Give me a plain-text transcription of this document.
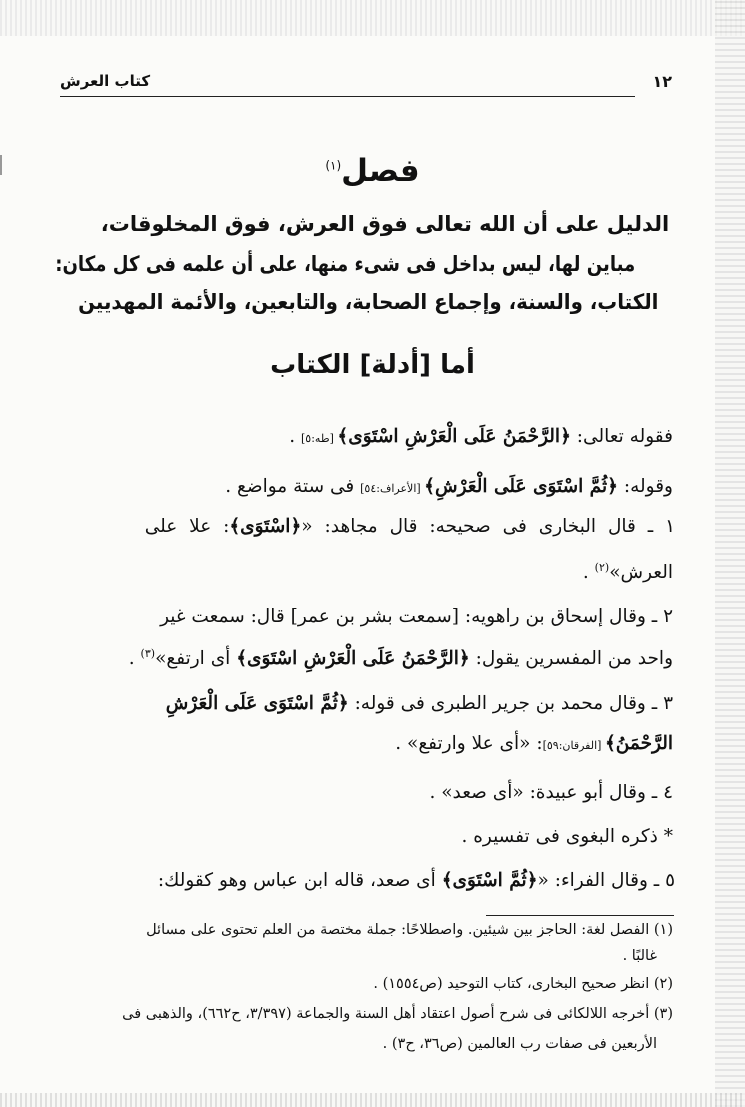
١٢
كتاب العرش
فصل$^{(١)}$
الدليل على أن الله تعالى فوق العرش، فوق المخلوقات،
مباين لها، ليس بداخل فى شىء منها، على أن علمه فى كل مكان:
الكتاب، والسنة، وإجماع الصحابة، والتابعين، والأئمة المهديين
أما [أدلة] الكتاب
فقوله تعالى: ﴿الرَّحْمَنُ عَلَى الْعَرْشِ اسْتَوَى﴾ [طه:٥] .
وقوله: ﴿ثُمَّ اسْتَوَى عَلَى الْعَرْشِ﴾ [الأعراف:٥٤] فى ستة مواضع .
١ ـ قال البخارى فى صحيحه: قال مجاهد: «﴿اسْتَوَى﴾: علا على
العرش»$^{(٢)}$ .
٢ ـ وقال إسحاق بن راهويه: [سمعت بشر بن عمر] قال: سمعت غير
واحد من المفسرين يقول: ﴿الرَّحْمَنُ عَلَى الْعَرْشِ اسْتَوَى﴾ أى ارتفع»$^{(٣)}$ .
٣ ـ وقال محمد بن جرير الطبرى فى قوله: ﴿ثُمَّ اسْتَوَى عَلَى الْعَرْشِ
الرَّحْمَنُ﴾ [الفرقان:٥٩]: «أى علا وارتفع» .
٤ ـ وقال أبو عبيدة: «أى صعد» .
* ذكره البغوى فى تفسيره .
٥ ـ وقال الفراء: «﴿ثُمَّ اسْتَوَى﴾ أى صعد، قاله ابن عباس وهو كقولك:
(١) الفصل لغة: الحاجز بين شيئين. واصطلاحًا: جملة مختصة من العلم تحتوى على مسائل
غالبًا .
(٢) انظر صحيح البخارى، كتاب التوحيد (ص١٥٥٤) .
(٣) أخرجه اللالكائى فى شرح أصول اعتقاد أهل السنة والجماعة (٣/٣٩٧، ح٦٦٢)، والذهبى فى
الأربعين فى صفات رب العالمين (ص٣٦، ح٣) .
